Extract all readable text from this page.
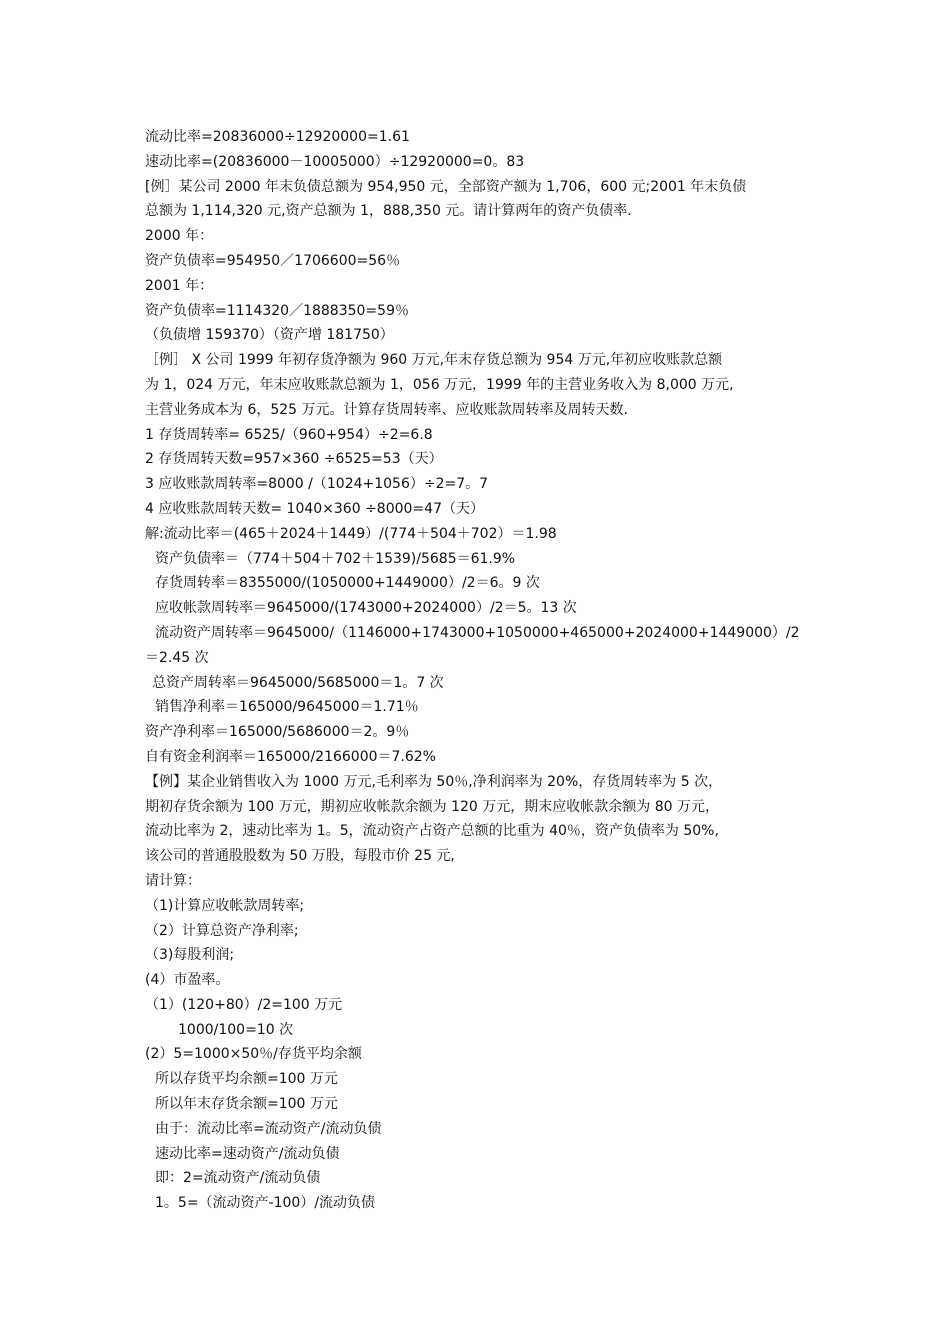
流动比率=20836000÷12920000=1.61
速动比率=(20836000－10005000）÷12920000=0。83
[例］某公司 2000 年末负债总额为 954,950 元，全部资产额为 1,706，600 元;2001 年末负债
总额为 1,114,320 元,资产总额为 1，888,350 元。请计算两年的资产负债率.
2000 年：
资产负债率=954950／1706600=56％
2001 年：
资产负债率=1114320／1888350=59％
（负债增 159370）（资产增 181750）
［例］ X 公司 1999 年初存货净额为 960 万元,年末存货总额为 954 万元,年初应收账款总额
为 1，024 万元，年末应收账款总额为 1，056 万元，1999 年的主营业务收入为 8,000 万元,
主营业务成本为 6，525 万元。计算存货周转率、应收账款周转率及周转天数.
1 存货周转率= 6525/（960+954）÷2=6.8
2 存货周转天数=957×360 ÷6525=53（天）
3 应收账款周转率=8000 /（1024+1056）÷2=7。7
4 应收账款周转天数= 1040×360 ÷8000=47（天）
解:流动比率＝(465＋2024＋1449）/(774＋504＋702）＝1.98
资产负债率＝（774＋504＋702＋1539)/5685＝61.9%
存货周转率＝8355000/(1050000+1449000）/2＝6。9 次
应收帐款周转率＝9645000/(1743000+2024000）/2＝5。13 次
流动资产周转率＝9645000/（1146000+1743000+1050000+465000+2024000+1449000）/2
＝2.45 次
总资产周转率＝9645000/5685000＝1。7 次
销售净利率＝165000/9645000＝1.71％
资产净利率＝165000/5686000＝2。9％
自有资金利润率＝165000/2166000＝7.62%
【例】某企业销售收入为 1000 万元,毛利率为 50％,净利润率为 20%，存货周转率为 5 次，
期初存货余额为 100 万元，期初应收帐款余额为 120 万元，期末应收帐款余额为 80 万元，
流动比率为 2，速动比率为 1。5，流动资产占资产总额的比重为 40％，资产负债率为 50%,
该公司的普通股股数为 50 万股，每股市价 25 元,
请计算：
（1)计算应收帐款周转率;
（2）计算总资产净利率;
（3)每股利润;
(4）市盈率。
（1）(120+80）/2=100 万元
1000/100=10 次
(2）5=1000×50％/存货平均余额
所以存货平均余额=100 万元
所以年末存货余额=100 万元
由于：流动比率=流动资产/流动负债
速动比率=速动资产/流动负债
即：2=流动资产/流动负债
1。5=（流动资产-100）/流动负债
